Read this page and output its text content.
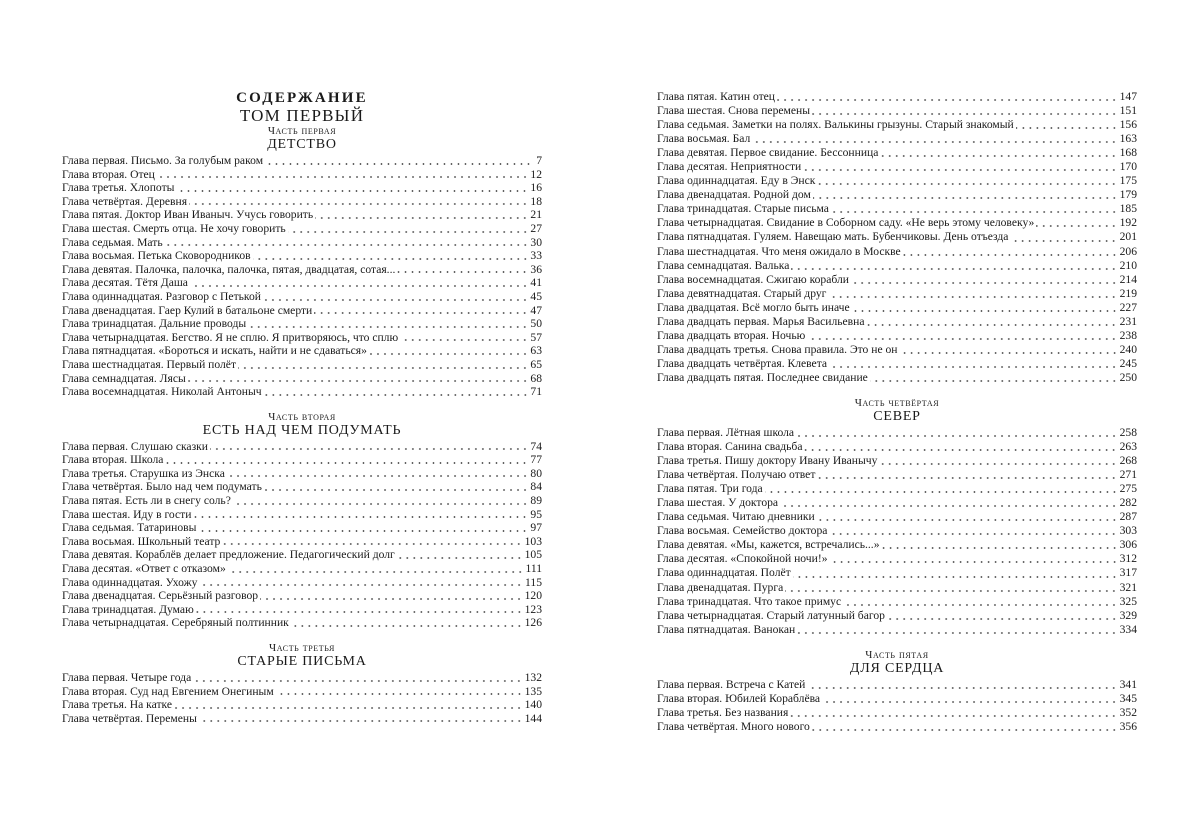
СОДЕРЖАНИЕ
ТОМ ПЕРВЫЙ
Часть первая
ДЕТСТВО
Глава первая. Письмо. За голубым раком	7
Глава вторая. Отец	12
Глава третья. Хлопоты	16
Глава четвёртая. Деревня	18
Глава пятая. Доктор Иван Иваныч. Учусь говорить	21
Глава шестая. Смерть отца. Не хочу говорить	27
Глава седьмая. Мать	30
Глава восьмая. Петька Сковородников	33
Глава девятая. Палочка, палочка, палочка, пятая, двадцатая, сотая...	36
Глава десятая. Тётя Даша	41
Глава одиннадцатая. Разговор с Петькой	45
Глава двенадцатая. Гаер Кулий в батальоне смерти	47
Глава тринадцатая. Дальние проводы	50
Глава четырнадцатая. Бегство. Я не сплю. Я притворяюсь, что сплю	57
Глава пятнадцатая. «Бороться и искать, найти и не сдаваться»	63
Глава шестнадцатая. Первый полёт	65
Глава семнадцатая. Лясы	68
Глава восемнадцатая. Николай Антоныч	71
Часть вторая
ЕСТЬ НАД ЧЕМ ПОДУМАТЬ
Глава первая. Слушаю сказки	74
Глава вторая. Школа	77
Глава третья. Старушка из Энска	80
Глава четвёртая. Было над чем подумать	84
Глава пятая. Есть ли в снегу соль?	89
Глава шестая. Иду в гости	95
Глава седьмая. Татариновы	97
Глава восьмая. Школьный театр	103
Глава девятая. Кораблёв делает предложение. Педагогический долг	105
Глава десятая. «Ответ с отказом»	111
Глава одиннадцатая. Ухожу	115
Глава двенадцатая. Серьёзный разговор	120
Глава тринадцатая. Думаю	123
Глава четырнадцатая. Серебряный полтинник	126
Часть третья
СТАРЫЕ ПИСЬМА
Глава первая. Четыре года	132
Глава вторая. Суд над Евгением Онегиным	135
Глава третья. На катке	140
Глава четвёртая. Перемены	144
Глава пятая. Катин отец	147
Глава шестая. Снова перемены	151
Глава седьмая. Заметки на полях. Валькины грызуны. Старый знакомый	156
Глава восьмая. Бал	163
Глава девятая. Первое свидание. Бессонница	168
Глава десятая. Неприятности	170
Глава одиннадцатая. Еду в Энск	175
Глава двенадцатая. Родной дом	179
Глава тринадцатая. Старые письма	185
Глава четырнадцатая. Свидание в Соборном саду. «Не верь этому человеку»	192
Глава пятнадцатая. Гуляем. Навещаю мать. Бубенчиковы. День отъезда	201
Глава шестнадцатая. Что меня ожидало в Москве	206
Глава семнадцатая. Валька	210
Глава восемнадцатая. Сжигаю корабли	214
Глава девятнадцатая. Старый друг	219
Глава двадцатая. Всё могло быть иначе	227
Глава двадцать первая. Марья Васильевна	231
Глава двадцать вторая. Ночью	238
Глава двадцать третья. Снова правила. Это не он	240
Глава двадцать четвёртая. Клевета	245
Глава двадцать пятая. Последнее свидание	250
Часть четвёртая
СЕВЕР
Глава первая. Лётная школа	258
Глава вторая. Санина свадьба	263
Глава третья. Пишу доктору Ивану Иванычу	268
Глава четвёртая. Получаю ответ	271
Глава пятая. Три года	275
Глава шестая. У доктора	282
Глава седьмая. Читаю дневники	287
Глава восьмая. Семейство доктора	303
Глава девятая. «Мы, кажется, встречались...»	306
Глава десятая. «Спокойной ночи!»	312
Глава одиннадцатая. Полёт	317
Глава двенадцатая. Пурга	321
Глава тринадцатая. Что такое примус	325
Глава четырнадцатая. Старый латунный багор	329
Глава пятнадцатая. Ванокан	334
Часть пятая
ДЛЯ СЕРДЦА
Глава первая. Встреча с Катей	341
Глава вторая. Юбилей Кораблёва	345
Глава третья. Без названия	352
Глава четвёртая. Много нового	356
